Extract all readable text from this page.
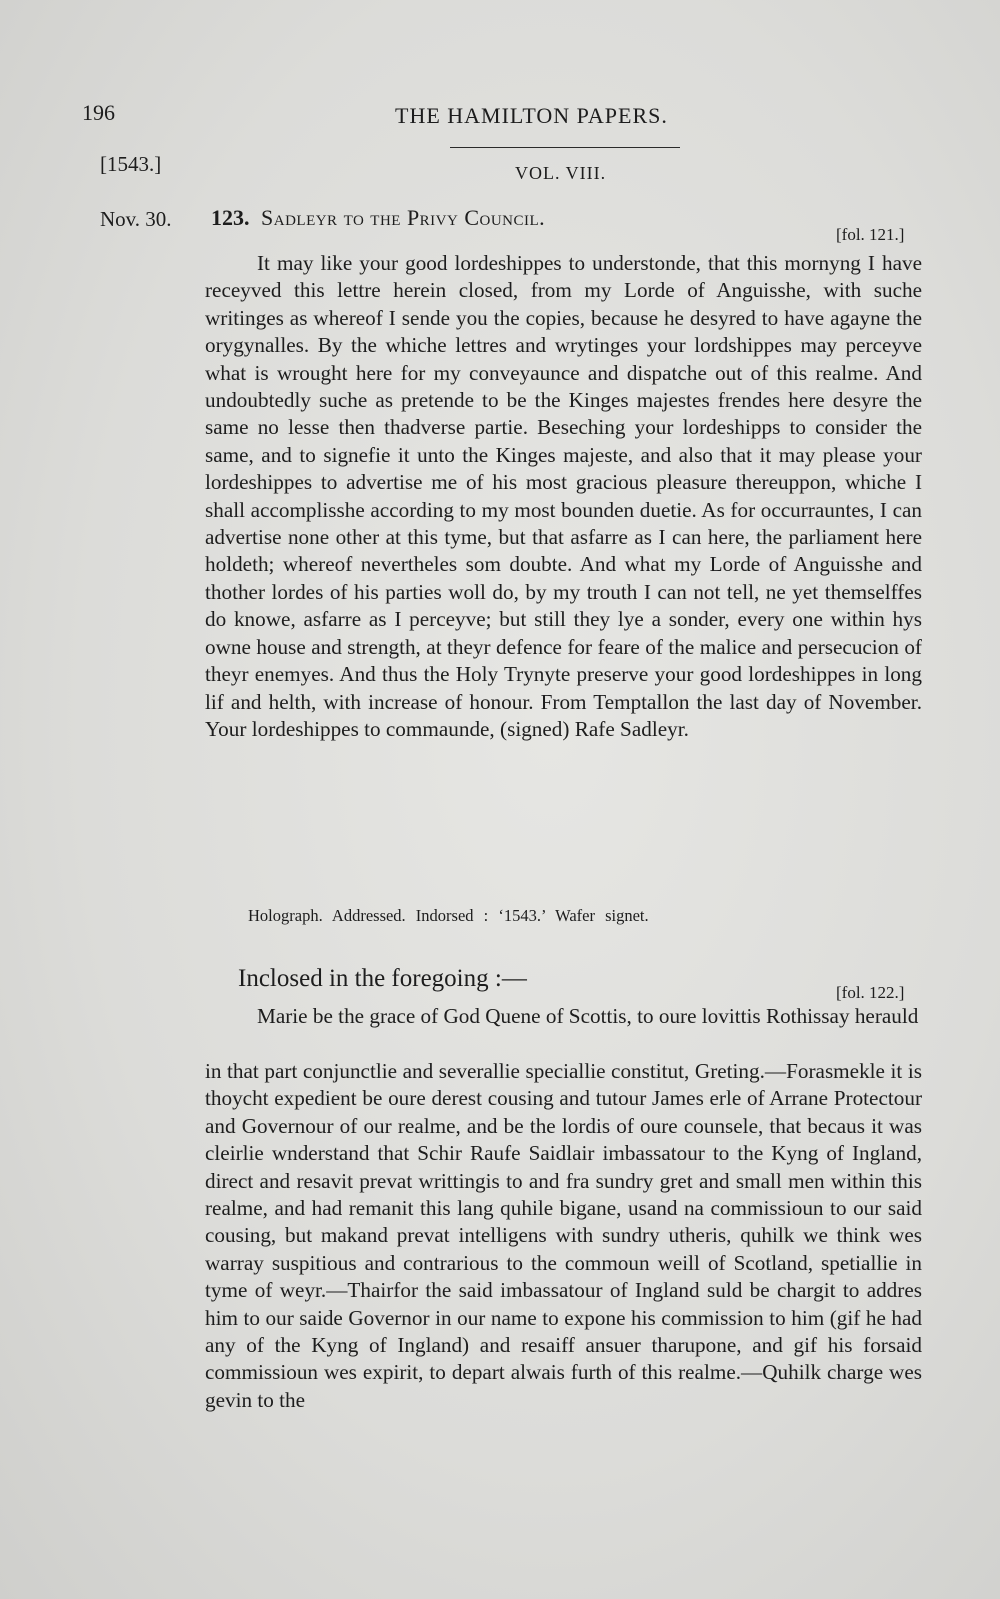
196	THE HAMILTON PAPERS.
[1543.]	VOL. VIII.
Nov. 30. 123. Sadleyr to the Privy Council.
[fol. 121.]

It may like your good lordeshippes to understonde, that this mornyng I have receyved this lettre herein closed, from my Lorde of Anguisshe, with suche writinges as whereof I sende you the copies, because he desyred to have agayne the orygynalles. By the whiche lettres and wrytinges your lordshippes may perceyve what is wrought here for my conveyaunce and dispatche out of this realme. And undoubtedly suche as pretende to be the Kinges majestes frendes here desyre the same no lesse then thadverse partie. Beseching your lordeshipps to consider the same, and to signefie it unto the Kinges majeste, and also that it may please your lordeshippes to advertise me of his most gracious pleasure thereuppon, whiche I shall accomplisshe according to my most bounden duetie. As for occurrauntes, I can advertise none other at this tyme, but that asfarre as I can here, the parliament here holdeth; whereof nevertheles som doubte. And what my Lorde of Anguisshe and thother lordes of his parties woll do, by my trouth I can not tell, ne yet themselffes do knowe, asfarre as I perceyve; but still they lye a sonder, every one within hys owne house and strength, at theyr defence for feare of the malice and persecucion of theyr enemyes. And thus the Holy Trynyte preserve your good lordeshippes in long lif and helth, with increase of honour. From Temptallon the last day of November. Your lordeshippes to commaunde, (signed) Rafe Sadleyr.

Holograph. Addressed. Indorsed : ‘1543.’ Wafer signet.
Inclosed in the foregoing :—
[fol. 122.]

Marie be the grace of God Quene of Scottis, to oure lovittis Rothissay herauld

in that part conjunctlie and severallie speciallie constitut, Greting.—Forasmekle it is thoycht expedient be oure derest cousing and tutour James erle of Arrane Protectour and Governour of our realme, and be the lordis of oure counsele, that becaus it was cleirlie wnderstand that Schir Raufe Saidlair imbassatour to the Kyng of Ingland, direct and resavit prevat writtingis to and fra sundry gret and small men within this realme, and had remanit this lang quhile bigane, usand na commissioun to our said cousing, but makand prevat intelligens with sundry utheris, quhilk we think wes warray suspitious and contrarious to the commoun weill of Scotland, spetiallie in tyme of weyr.—Thairfor the said imbassatour of Ingland suld be chargit to addres him to our saide Governor in our name to expone his commission to him (gif he had any of the Kyng of Ingland) and resaiff ansuer tharupone, and gif his forsaid commissioun wes expirit, to depart alwais furth of this realme.—Quhilk charge wes gevin to the
